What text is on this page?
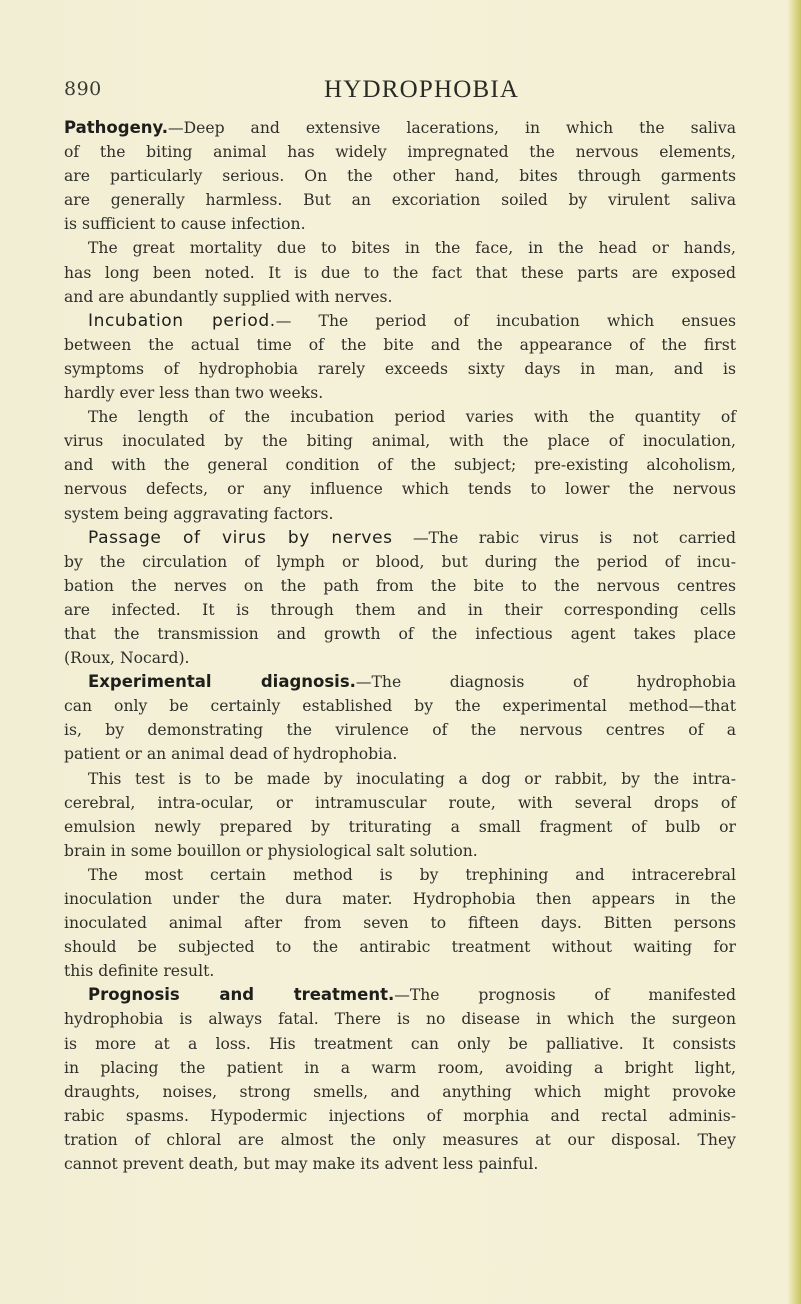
890	HYDROPHOBIA
Pathogeny.—Deep and extensive lacerations, in which the saliva
of the biting animal has widely impregnated the nervous elements,
are particularly serious. On the other hand, bites through garments
are generally harmless. But an excoriation soiled by virulent saliva
is sufficient to cause infection.
The great mortality due to bites in the face, in the head or hands,
has long been noted. It is due to the fact that these parts are exposed
and are abundantly supplied with nerves.
Incubation period.— The period of incubation which ensues
between the actual time of the bite and the appearance of the first
symptoms of hydrophobia rarely exceeds sixty days in man, and is
hardly ever less than two weeks.
The length of the incubation period varies with the quantity of
virus inoculated by the biting animal, with the place of inoculation,
and with the general condition of the subject; pre-existing alcoholism,
nervous defects, or any influence which tends to lower the nervous
system being aggravating factors.
Passage of virus by nerves —The rabic virus is not carried
by the circulation of lymph or blood, but during the period of incu-
bation the nerves on the path from the bite to the nervous centres
are infected. It is through them and in their corresponding cells
that the transmission and growth of the infectious agent takes place
(Roux, Nocard).
Experimental diagnosis.—The diagnosis of hydrophobia
can only be certainly established by the experimental method—that
is, by demonstrating the virulence of the nervous centres of a
patient or an animal dead of hydrophobia.
This test is to be made by inoculating a dog or rabbit, by the intra-
cerebral, intra-ocular, or intramuscular route, with several drops of
emulsion newly prepared by triturating a small fragment of bulb or
brain in some bouillon or physiological salt solution.
The most certain method is by trephining and intracerebral
inoculation under the dura mater. Hydrophobia then appears in the
inoculated animal after from seven to fifteen days. Bitten persons
should be subjected to the antirabic treatment without waiting for
this definite result.
Prognosis and treatment.—The prognosis of manifested
hydrophobia is always fatal. There is no disease in which the surgeon
is more at a loss. His treatment can only be palliative. It consists
in placing the patient in a warm room, avoiding a bright light,
draughts, noises, strong smells, and anything which might provoke
rabic spasms. Hypodermic injections of morphia and rectal adminis-
tration of chloral are almost the only measures at our disposal. They
cannot prevent death, but may make its advent less painful.
